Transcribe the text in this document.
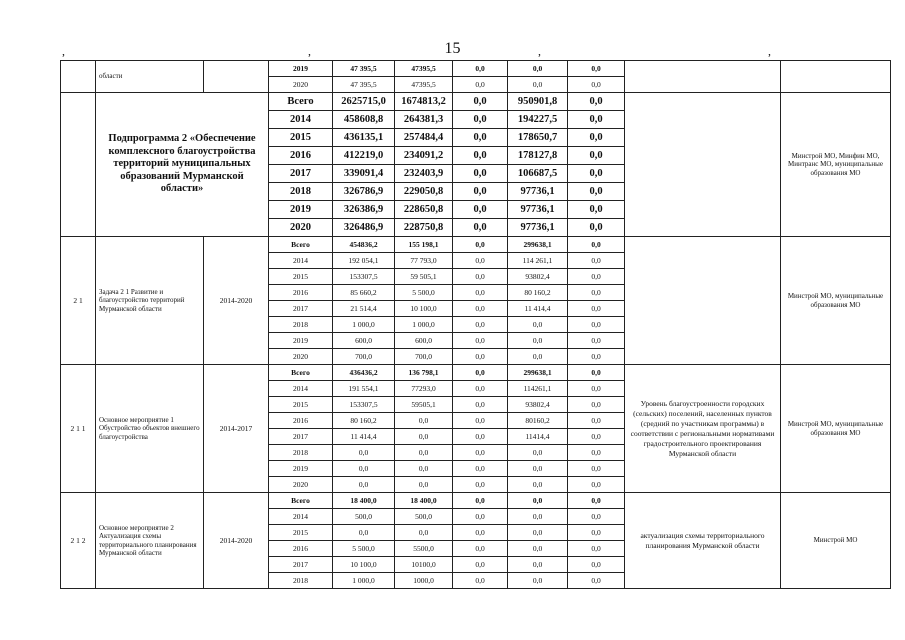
,	,	,	,
15
	области		2019	47 395,5	47395,5	0,0	0,0	0,0		
			2020	47 395,5	47395,5	0,0	0,0	0,0		
	Подпрограмма 2 «Обеспечение комплексного благоустройства территорий муниципальных образований Мурманской области»		Всего	2625715,0	1674813,2	0,0	950901,8	0,0		Минстрой МО, Минфин МО, Минтранс МО, муниципальные образования МО
			2014	458608,8	264381,3	0,0	194227,5	0,0		
			2015	436135,1	257484,4	0,0	178650,7	0,0		
			2016	412219,0	234091,2	0,0	178127,8	0,0		
			2017	339091,4	232403,9	0,0	106687,5	0,0		
			2018	326786,9	229050,8	0,0	97736,1	0,0		
			2019	326386,9	228650,8	0,0	97736,1	0,0		
			2020	326486,9	228750,8	0,0	97736,1	0,0		
2 1	Задача 2 1 Развитие и благоустройство территорий Мурманской области	2014-2020	Всего	454836,2	155 198,1	0,0	299638,1	0,0		Минстрой МО, муниципальные образования МО
			2014	192 054,1	77 793,0	0,0	114 261,1	0,0		
			2015	153307,5	59 505,1	0,0	93802,4	0,0		
			2016	85 660,2	5 500,0	0,0	80 160,2	0,0		
			2017	21 514,4	10 100,0	0,0	11 414,4	0,0		
			2018	1 000,0	1 000,0	0,0	0,0	0,0		
			2019	600,0	600,0	0,0	0,0	0,0		
			2020	700,0	700,0	0,0	0,0	0,0		
2 1 1	Основное мероприятие 1 Обустройство объектов внешнего благоустройства	2014-2017	Всего	436436,2	136 798,1	0,0	299638,1	0,0	Уровень благоустроенности городских (сельских) поселений, населенных пунктов (средний по участникам программы) в соответствии с региональными нормативами градостроительного проектирования Мурманской области	Минстрой МО, муниципальные образования МО
			2014	191 554,1	77293,0	0,0	114261,1	0,0		
			2015	153307,5	59505,1	0,0	93802,4	0,0		
			2016	80 160,2	0,0	0,0	80160,2	0,0		
			2017	11 414,4	0,0	0,0	11414,4	0,0		
			2018	0,0	0,0	0,0	0,0	0,0		
			2019	0,0	0,0	0,0	0,0	0,0		
			2020	0,0	0,0	0,0	0,0	0,0		
2 1 2	Основное мероприятие 2 Актуализация схемы территориального планирования Мурманской области	2014-2020	Всего	18 400,0	18 400,0	0,0	0,0	0,0	актуализация схемы территориального планирования Мурманской области	Минстрой МО
			2014	500,0	500,0	0,0	0,0	0,0		
			2015	0,0	0,0	0,0	0,0	0,0		
			2016	5 500,0	5500,0	0,0	0,0	0,0		
			2017	10 100,0	10100,0	0,0	0,0	0,0		
			2018	1 000,0	1000,0	0,0	0,0	0,0		
